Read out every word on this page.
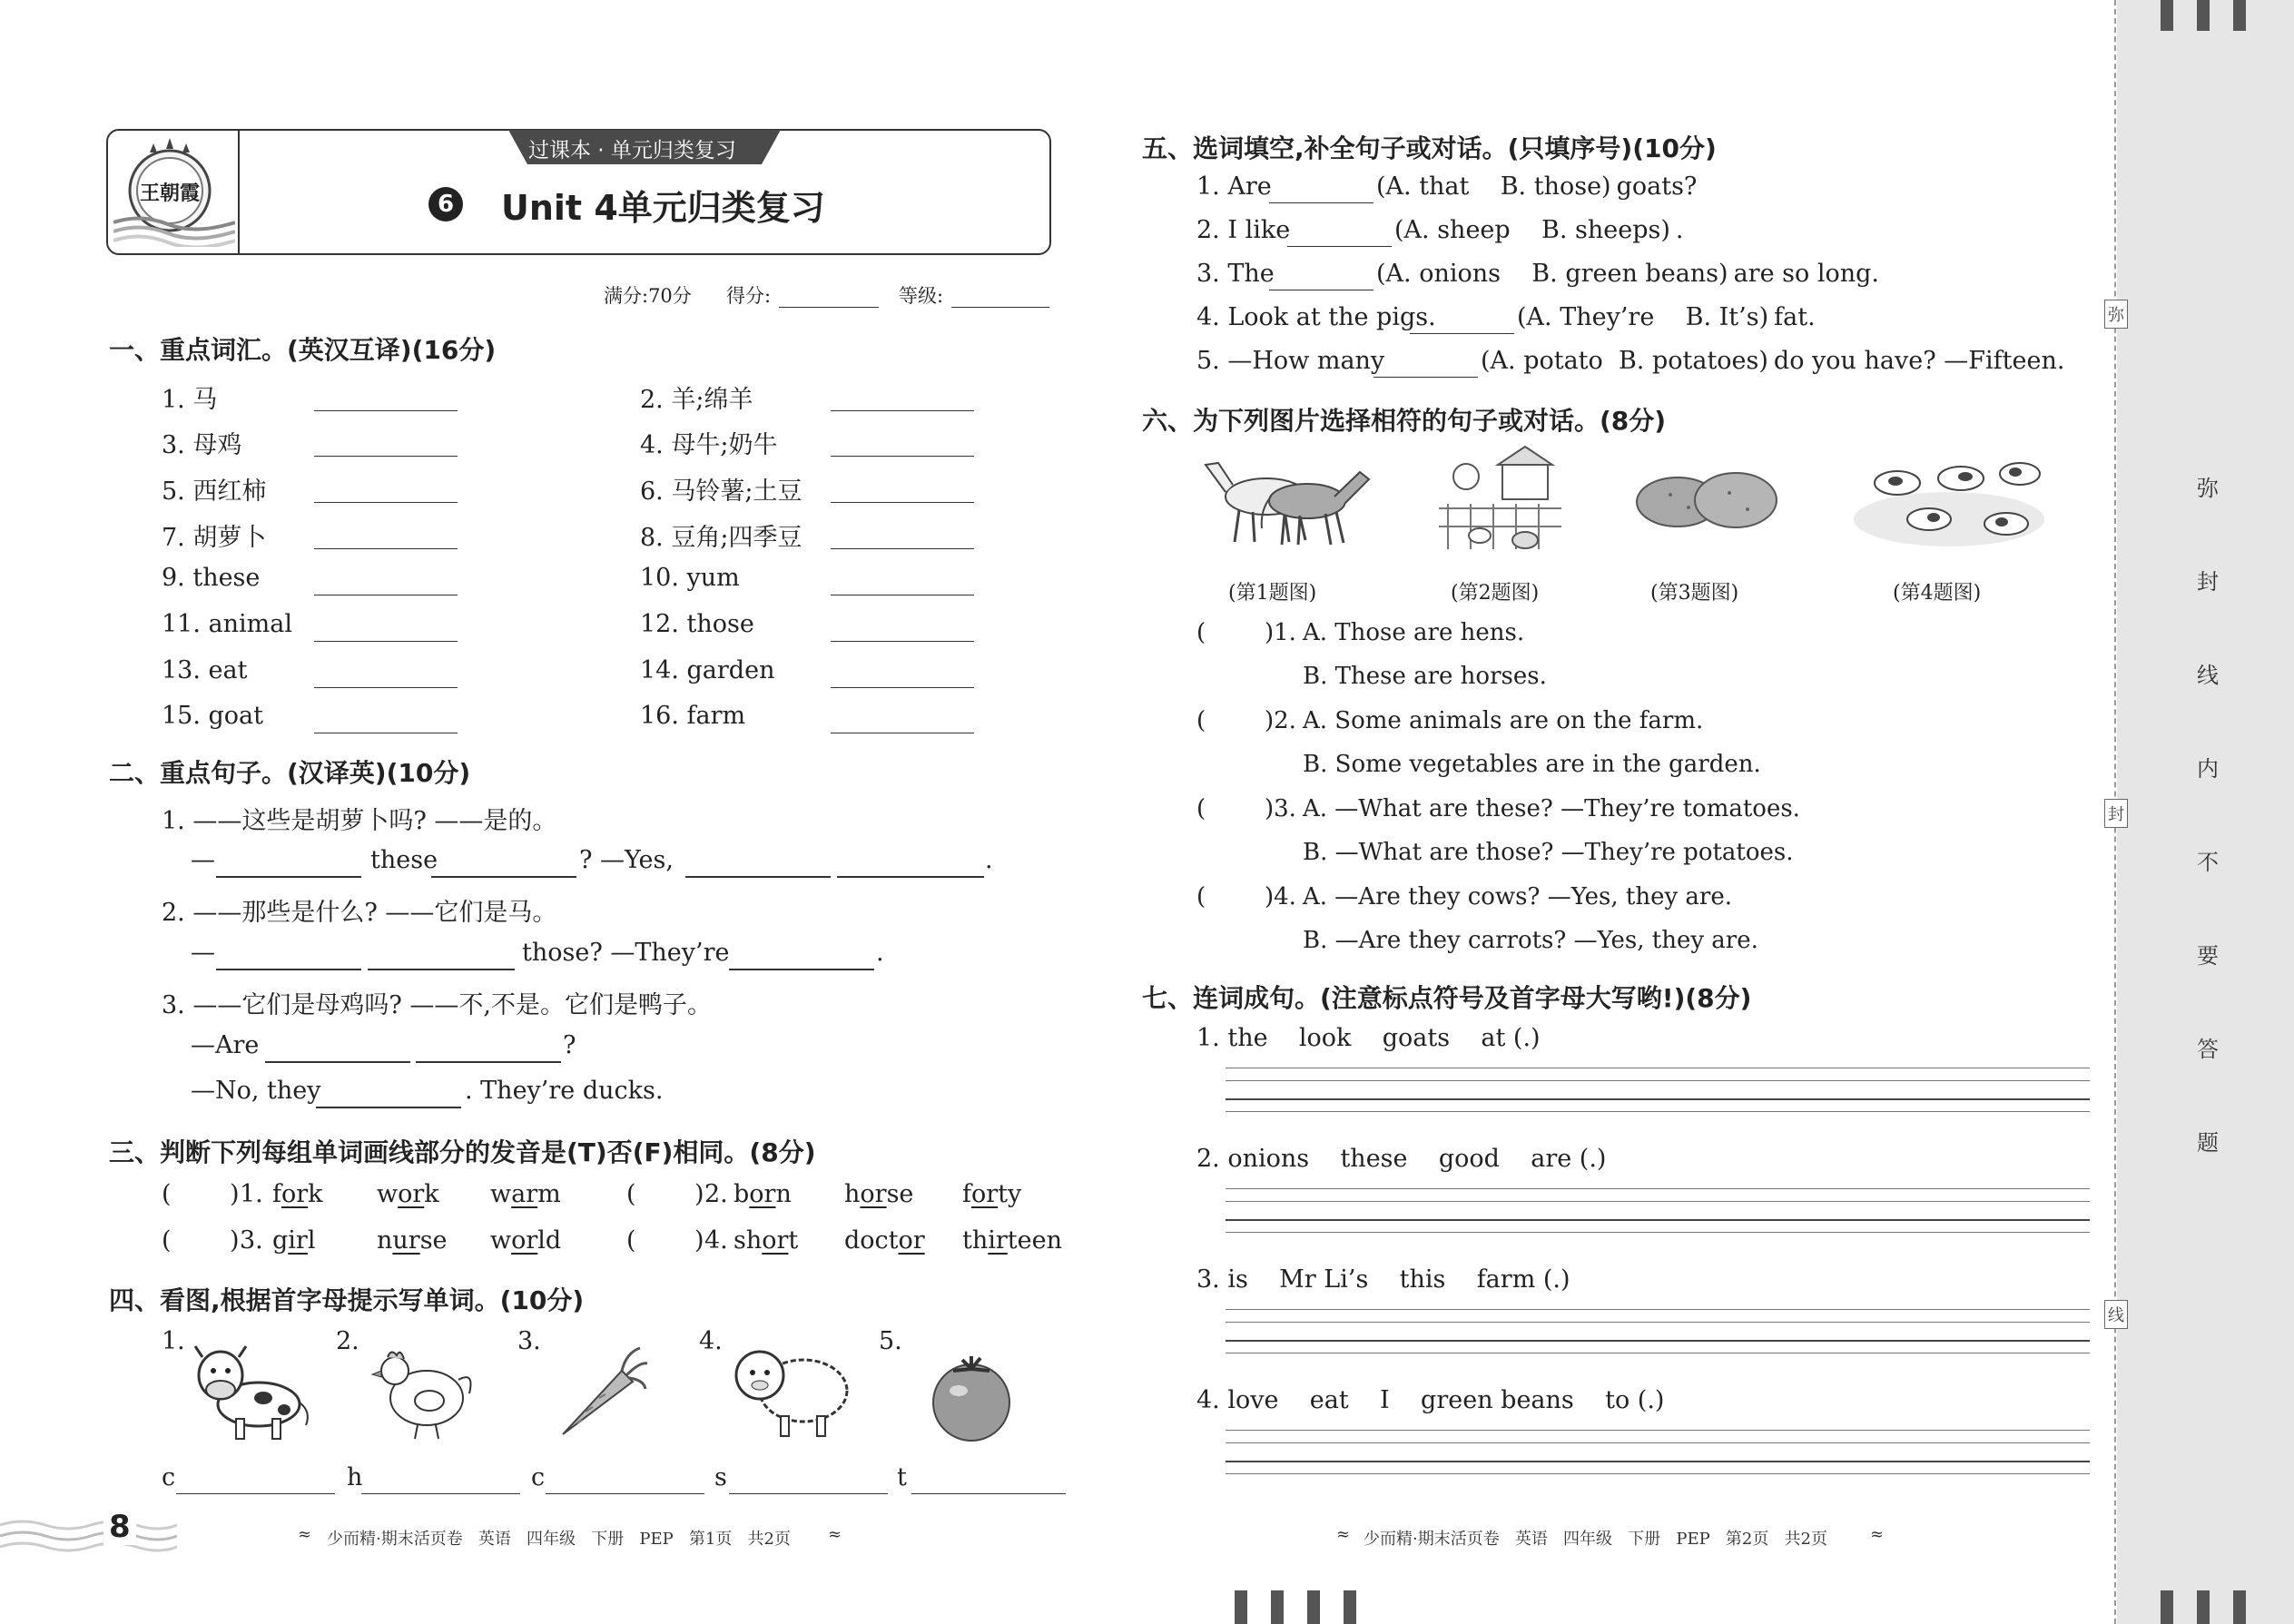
王朝霞
过课本 · 单元归类复习
6 Unit 4单元归类复习
满分:70分 得分:	等级:
一、重点词汇。(英汉互译)(16分)
二、重点句子。(汉译英)(10分)
1. ——这些是胡萝卜吗? ——是的。
—	these	? —Yes,	.
2. ——那些是什么? ——它们是马。
—	those? —They’re	.
3. ——它们是母鸡吗? ——不,不是。它们是鸭子。
—Are	?
—No, they	. They’re ducks.
三、判断下列每组单词画线部分的发音是(T)否(F)相同。(8分)
四、看图,根据首字母提示写单词。(10分)
8	≈ 少而精·期末活页卷   英语   四年级   下册   PEP   第1页   共2页 ≈
五、选词填空,补全句子或对话。(只填序号)(10分)
六、为下列图片选择相符的句子或对话。(8分)
七、连词成句。(注意标点符号及首字母大写哟!)(8分)
≈ 少而精·期末活页卷   英语   四年级   下册   PEP   第2页   共2页	≈
1. 马	2. 羊;绵羊
3. 母鸡	4. 母牛;奶牛
5. 西红柿	6. 马铃薯;土豆
7. 胡萝卜	8. 豆角;四季豆
9. these	10. yum
11. animal	12. those
13. eat	14. garden
15. goat	16. farm
( ) 1. fork work warm	( ) 2. born horse forty
( ) 3. girl	nurse world	( ) 4. short doctor thirteen
1.	2.	3.	4.	5.
c	h	c	s	t
1. Are	(A. that    B. those) goats?
2. I like	(A. sheep    B. sheeps) .
3. The	(A. onions    B. green beans) are so long.
4. Look at the pigs.	(A. They’re    B. It’s) fat.
5. —How many	(A. potato  B. potatoes) do you have? —Fifteen.
(第1题图)	(第2题图)	(第3题图)	(第4题图)
( )1. A. Those are hens.
B. These are horses.
( )2. A. Some animals are on the farm.
B. Some vegetables are in the garden.
( )3. A. —What are these? —They’re tomatoes.
B. —What are those? —They’re potatoes.
( )4. A. —Are they cows? —Yes, they are.
B. —Are they carrots? —Yes, they are.
1. the    look    goats    at (.)
2. onions    these    good    are (.)
3. is    Mr Li’s    this    farm (.)
4. love    eat    I    green beans    to (.)
弥
封
线
内
不
要
答
题
弥
封
线
